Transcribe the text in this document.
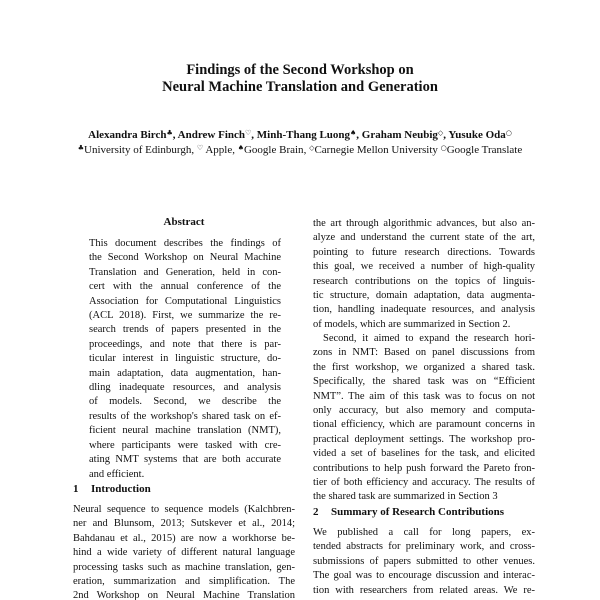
Findings of the Second Workshop on
Neural Machine Translation and Generation
Alexandra Birch♣, Andrew Finch♡, Minh-Thang Luong♠, Graham Neubig◇, Yusuke Oda○
♣University of Edinburgh, ♡ Apple, ♠Google Brain, ◇Carnegie Mellon University ○Google Translate
Abstract
This document describes the findings of
the Second Workshop on Neural Machine
Translation and Generation, held in con-
cert with the annual conference of the
Association for Computational Linguistics
(ACL 2018). First, we summarize the re-
search trends of papers presented in the
proceedings, and note that there is par-
ticular interest in linguistic structure, do-
main adaptation, data augmentation, han-
dling inadequate resources, and analysis
of models. Second, we describe the
results of the workshop's shared task on ef-
ficient neural machine translation (NMT),
where participants were tasked with cre-
ating NMT systems that are both accurate
and efficient.
1 Introduction
Neural sequence to sequence models (Kalchbren-
ner and Blunsom, 2013; Sutskever et al., 2014;
Bahdanau et al., 2015) are now a workhorse be-
hind a wide variety of different natural language
processing tasks such as machine translation, gen-
eration, summarization and simplification. The
2nd Workshop on Neural Machine Translation
the art through algorithmic advances, but also an-
alyze and understand the current state of the art,
pointing to future research directions. Towards
this goal, we received a number of high-quality
research contributions on the topics of linguis-
tic structure, domain adaptation, data augmenta-
tion, handling inadequate resources, and analysis
of models, which are summarized in Section 2.
Second, it aimed to expand the research hori-
zons in NMT: Based on panel discussions from
the first workshop, we organized a shared task.
Specifically, the shared task was on “Efficient
NMT”. The aim of this task was to focus on not
only accuracy, but also memory and computa-
tional efficiency, which are paramount concerns in
practical deployment settings. The workshop pro-
vided a set of baselines for the task, and elicited
contributions to help push forward the Pareto fron-
tier of both efficiency and accuracy. The results of
the shared task are summarized in Section 3
2 Summary of Research Contributions
We published a call for long papers, ex-
tended abstracts for preliminary work, and cross-
submissions of papers submitted to other venues.
The goal was to encourage discussion and interac-
tion with researchers from related areas. We re-
